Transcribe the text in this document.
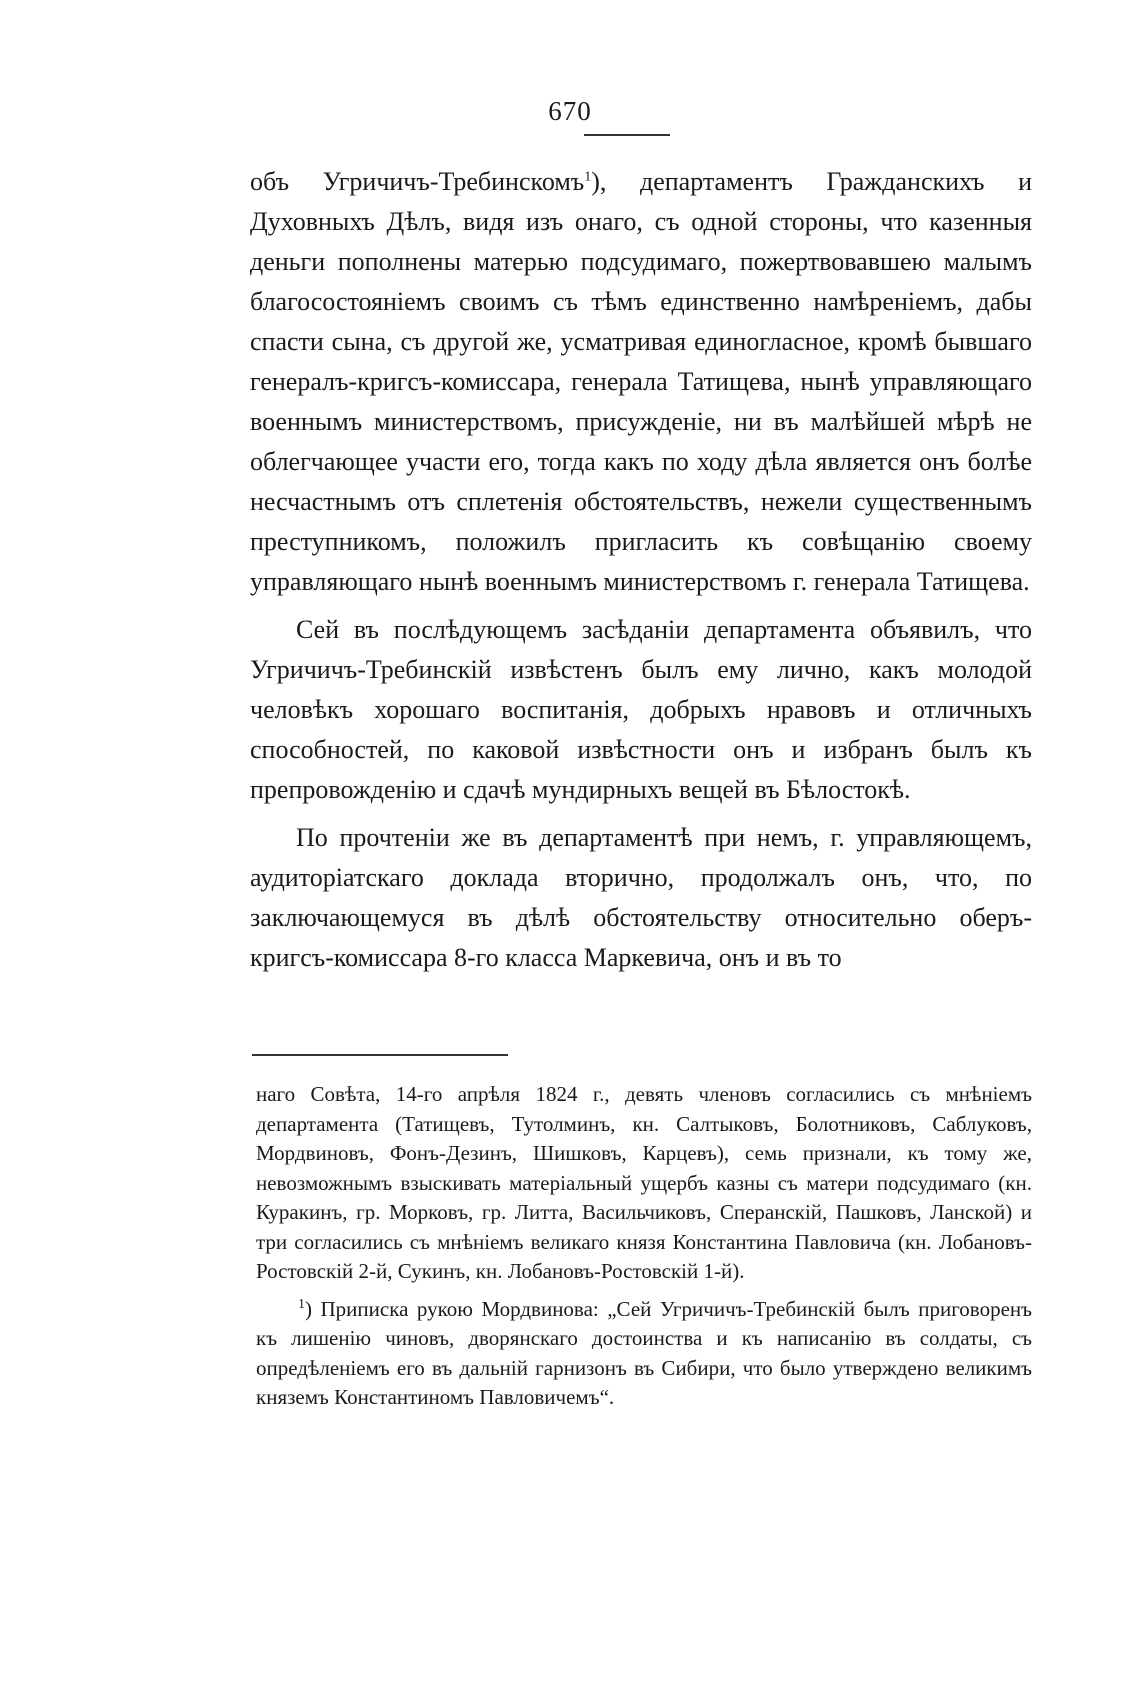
670

объ Угричичъ-Требинскомъ$^1$), департаментъ Гражданскихъ и Духовныхъ Дѣлъ, видя изъ онаго, съ одной стороны, что казенныя деньги пополнены матерью подсудимаго, пожертвовавшею малымъ благосостояніемъ своимъ съ тѣмъ единственно намѣреніемъ, дабы спасти сына, съ другой же, усматривая единогласное, кромѣ бывшаго генералъ-кригсъ-комиссара, генерала Татищева, нынѣ управляющаго военнымъ министерствомъ, присужденіе, ни въ малѣйшей мѣрѣ не облегчающее участи его, тогда какъ по ходу дѣла является онъ болѣе несчастнымъ отъ сплетенія обстоятельствъ, нежели существеннымъ преступникомъ, положилъ пригласить къ совѣщанію своему управляющаго нынѣ военнымъ министерствомъ г. генерала Татищева.

Сей въ послѣдующемъ засѣданіи департамента объявилъ, что Угричичъ-Требинскій извѣстенъ былъ ему лично, какъ молодой человѣкъ хорошаго воспитанія, добрыхъ нравовъ и отличныхъ способностей, по каковой извѣстности онъ и избранъ былъ къ препровожденію и сдачѣ мундирныхъ вещей въ Бѣлостокѣ.

По прочтеніи же въ департаментѣ при немъ, г. управляющемъ, аудиторіатскаго доклада вторично, продолжалъ онъ, что, по заключающемуся въ дѣлѣ обстоятельству относительно оберъ-кригсъ-комиссара 8-го класса Маркевича, онъ и въ то

наго Совѣта, 14-го апрѣля 1824 г., девять членовъ согласились съ мнѣніемъ департамента (Татищевъ, Тутолминъ, кн. Салтыковъ, Болотниковъ, Саблуковъ, Мордвиновъ, Фонъ-Дезинъ, Шишковъ, Карцевъ), семь признали, къ тому же, невозможнымъ взыскивать матеріальный ущербъ казны съ матери подсудимаго (кн. Куракинъ, гр. Морковъ, гр. Литта, Васильчиковъ, Сперанскій, Пашковъ, Ланской) и три согласились съ мнѣніемъ великаго князя Константина Павловича (кн. Лобановъ-Ростовскій 2-й, Сукинъ, кн. Лобановъ-Ростовскій 1-й).

$^1$) Приписка рукою Мордвинова: „Сей Угричичъ-Требинскій былъ приговоренъ къ лишенію чиновъ, дворянскаго достоинства и къ написанію въ солдаты, съ опредѣленіемъ его въ дальній гарнизонъ въ Сибири, что было утверждено великимъ княземъ Константиномъ Павловичемъ“.
